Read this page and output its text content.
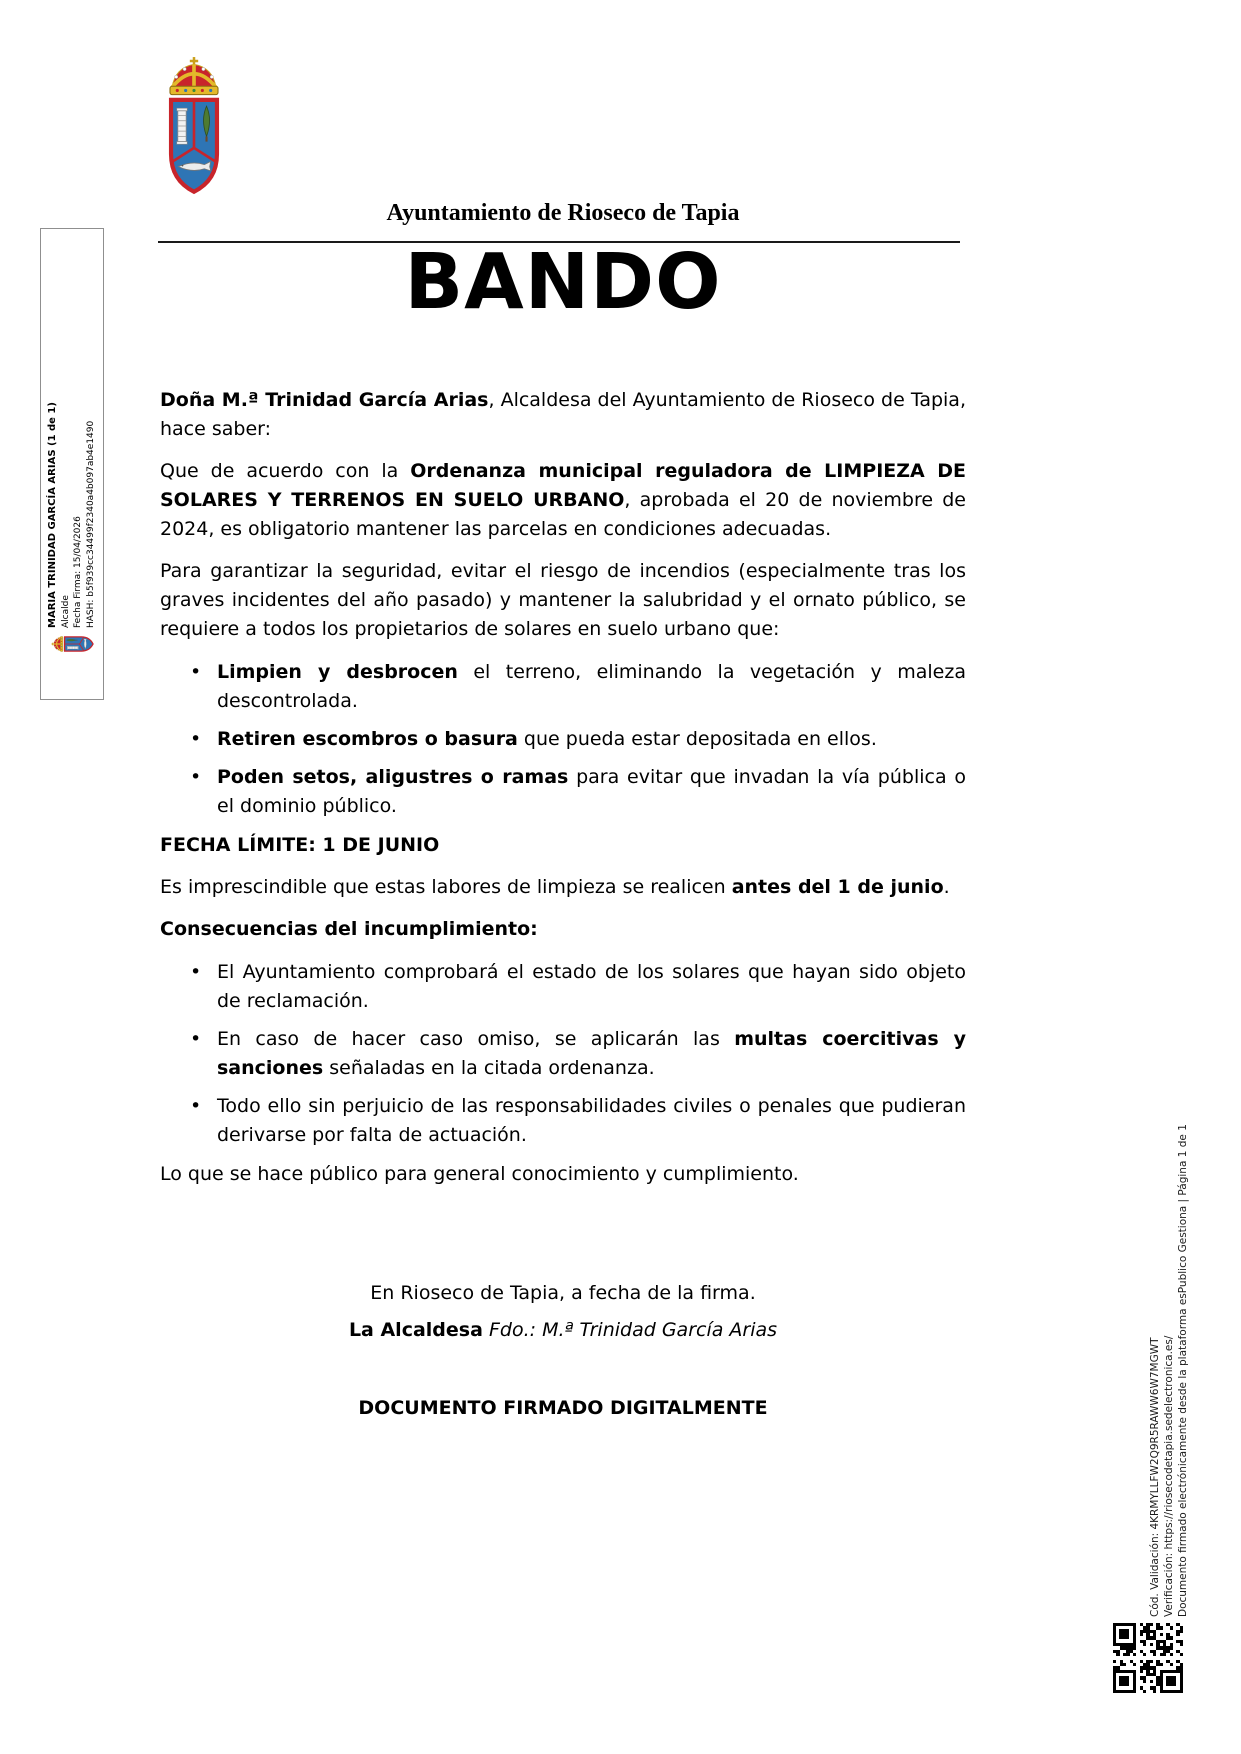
Ayuntamiento de Rioseco de Tapia
BANDO

Doña M.ª Trinidad García Arias, Alcaldesa del Ayuntamiento de Rioseco de Tapia, hace saber:

Que de acuerdo con la Ordenanza municipal reguladora de LIMPIEZA DE SOLARES Y TERRENOS EN SUELO URBANO, aprobada el 20 de noviembre de 2024, es obligatorio mantener las parcelas en condiciones adecuadas.

Para garantizar la seguridad, evitar el riesgo de incendios (especialmente tras los graves incidentes del año pasado) y mantener la salubridad y el ornato público, se requiere a todos los propietarios de solares en suelo urbano que:

• Limpien y desbrocen el terreno, eliminando la vegetación y maleza descontrolada.
• Retiren escombros o basura que pueda estar depositada en ellos.
• Poden setos, aligustres o ramas para evitar que invadan la vía pública o el dominio público.

FECHA LÍMITE: 1 DE JUNIO

Es imprescindible que estas labores de limpieza se realicen antes del 1 de junio.

Consecuencias del incumplimiento:

• El Ayuntamiento comprobará el estado de los solares que hayan sido objeto de reclamación.
• En caso de hacer caso omiso, se aplicarán las multas coercitivas y sanciones señaladas en la citada ordenanza.
• Todo ello sin perjuicio de las responsabilidades civiles o penales que pudieran derivarse por falta de actuación.

Lo que se hace público para general conocimiento y cumplimiento.

En Rioseco de Tapia, a fecha de la firma.

La Alcaldesa Fdo.: M.ª Trinidad García Arias

DOCUMENTO FIRMADO DIGITALMENTE

MARIA TRINIDAD GARCÍA ARIAS (1 de 1) Alcalde Fecha Firma: 15/04/2026 HASH: b5f939cc34499f2340a4b097ab4e1490
Cód. Validación: 4KRMYLLFW2Q9R5RAWW6W7MGWT Verificación: https://riosecodetapia.sedelectronica.es/ Documento firmado electrónicamente desde la plataforma esPublico Gestiona | Página 1 de 1
